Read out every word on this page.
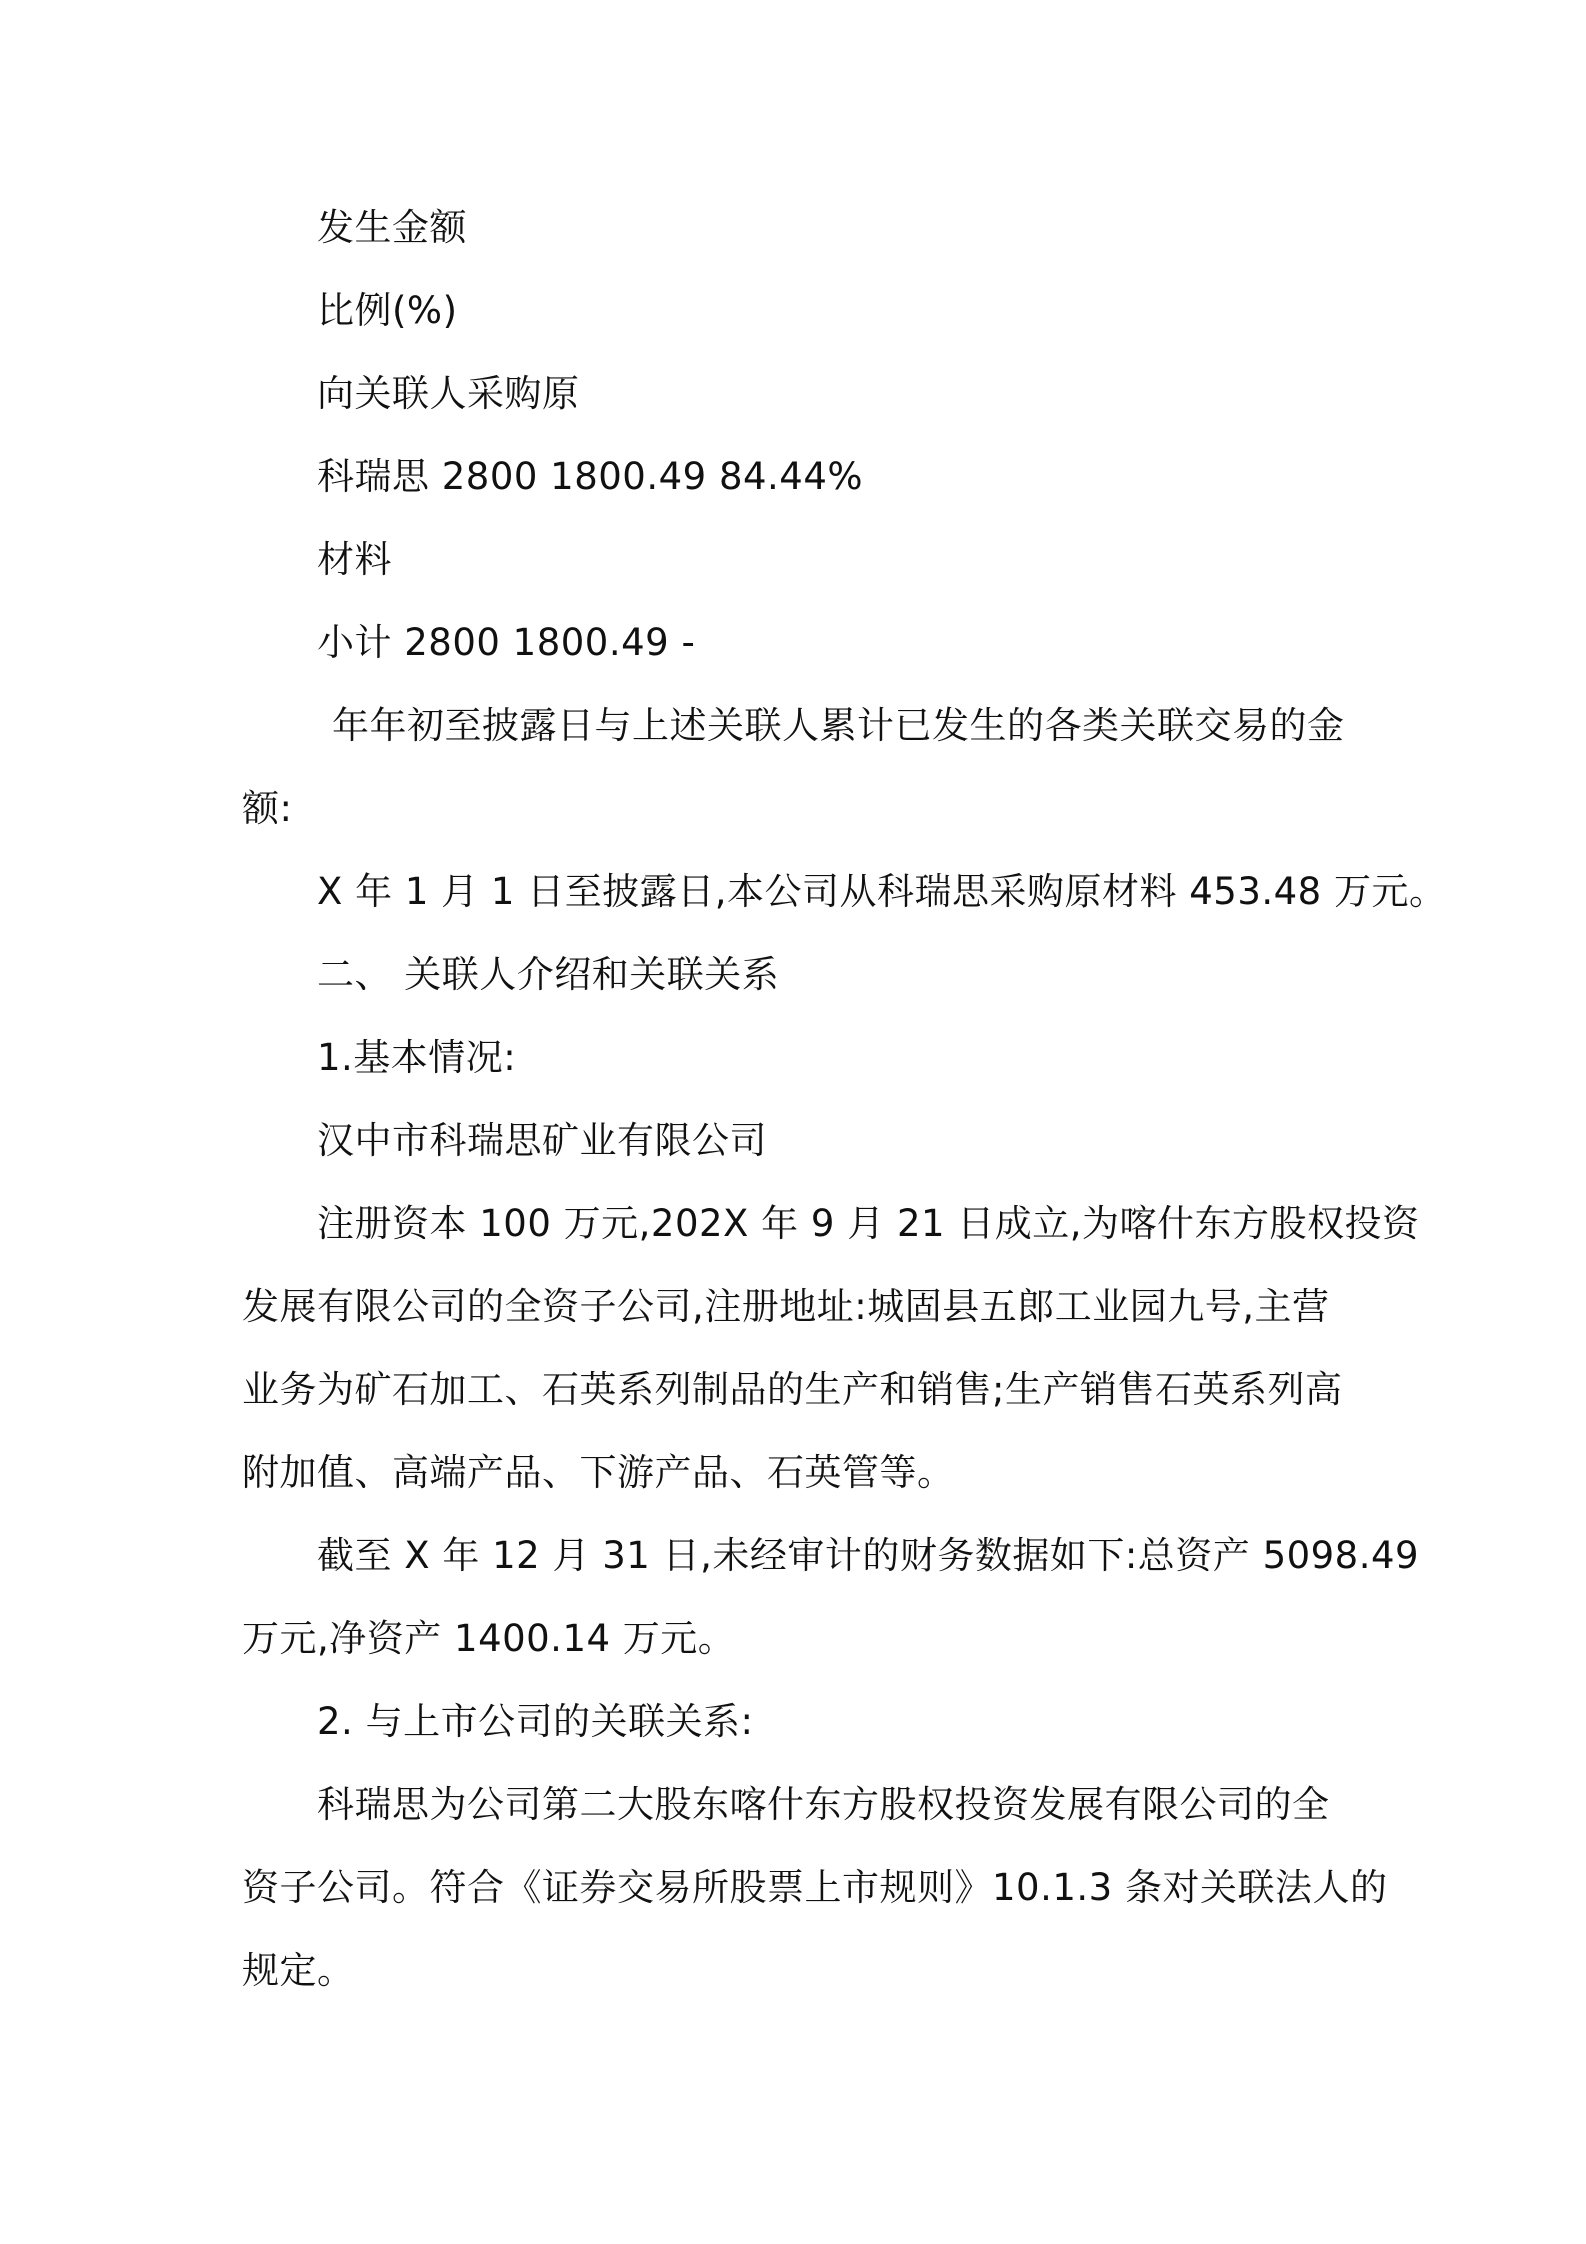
发生金额
比例(%)
向关联人采购原
科瑞思 2800 1800.49 84.44%
材料
小计 2800 1800.49 -
年年初至披露日与上述关联人累计已发生的各类关联交易的金
额:
X 年 1 月 1 日至披露日,本公司从科瑞思采购原材料 453.48 万元。
二、 关联人介绍和关联关系
1.基本情况:
汉中市科瑞思矿业有限公司
注册资本 100 万元,202X 年 9 月 21 日成立,为喀什东方股权投资
发展有限公司的全资子公司,注册地址:城固县五郎工业园九号,主营
业务为矿石加工、石英系列制品的生产和销售;生产销售石英系列高
附加值、高端产品、下游产品、石英管等。
截至 X 年 12 月 31 日,未经审计的财务数据如下:总资产 5098.49
万元,净资产 1400.14 万元。
2. 与上市公司的关联关系:
科瑞思为公司第二大股东喀什东方股权投资发展有限公司的全
资子公司。符合《证券交易所股票上市规则》10.1.3 条对关联法人的
规定。
